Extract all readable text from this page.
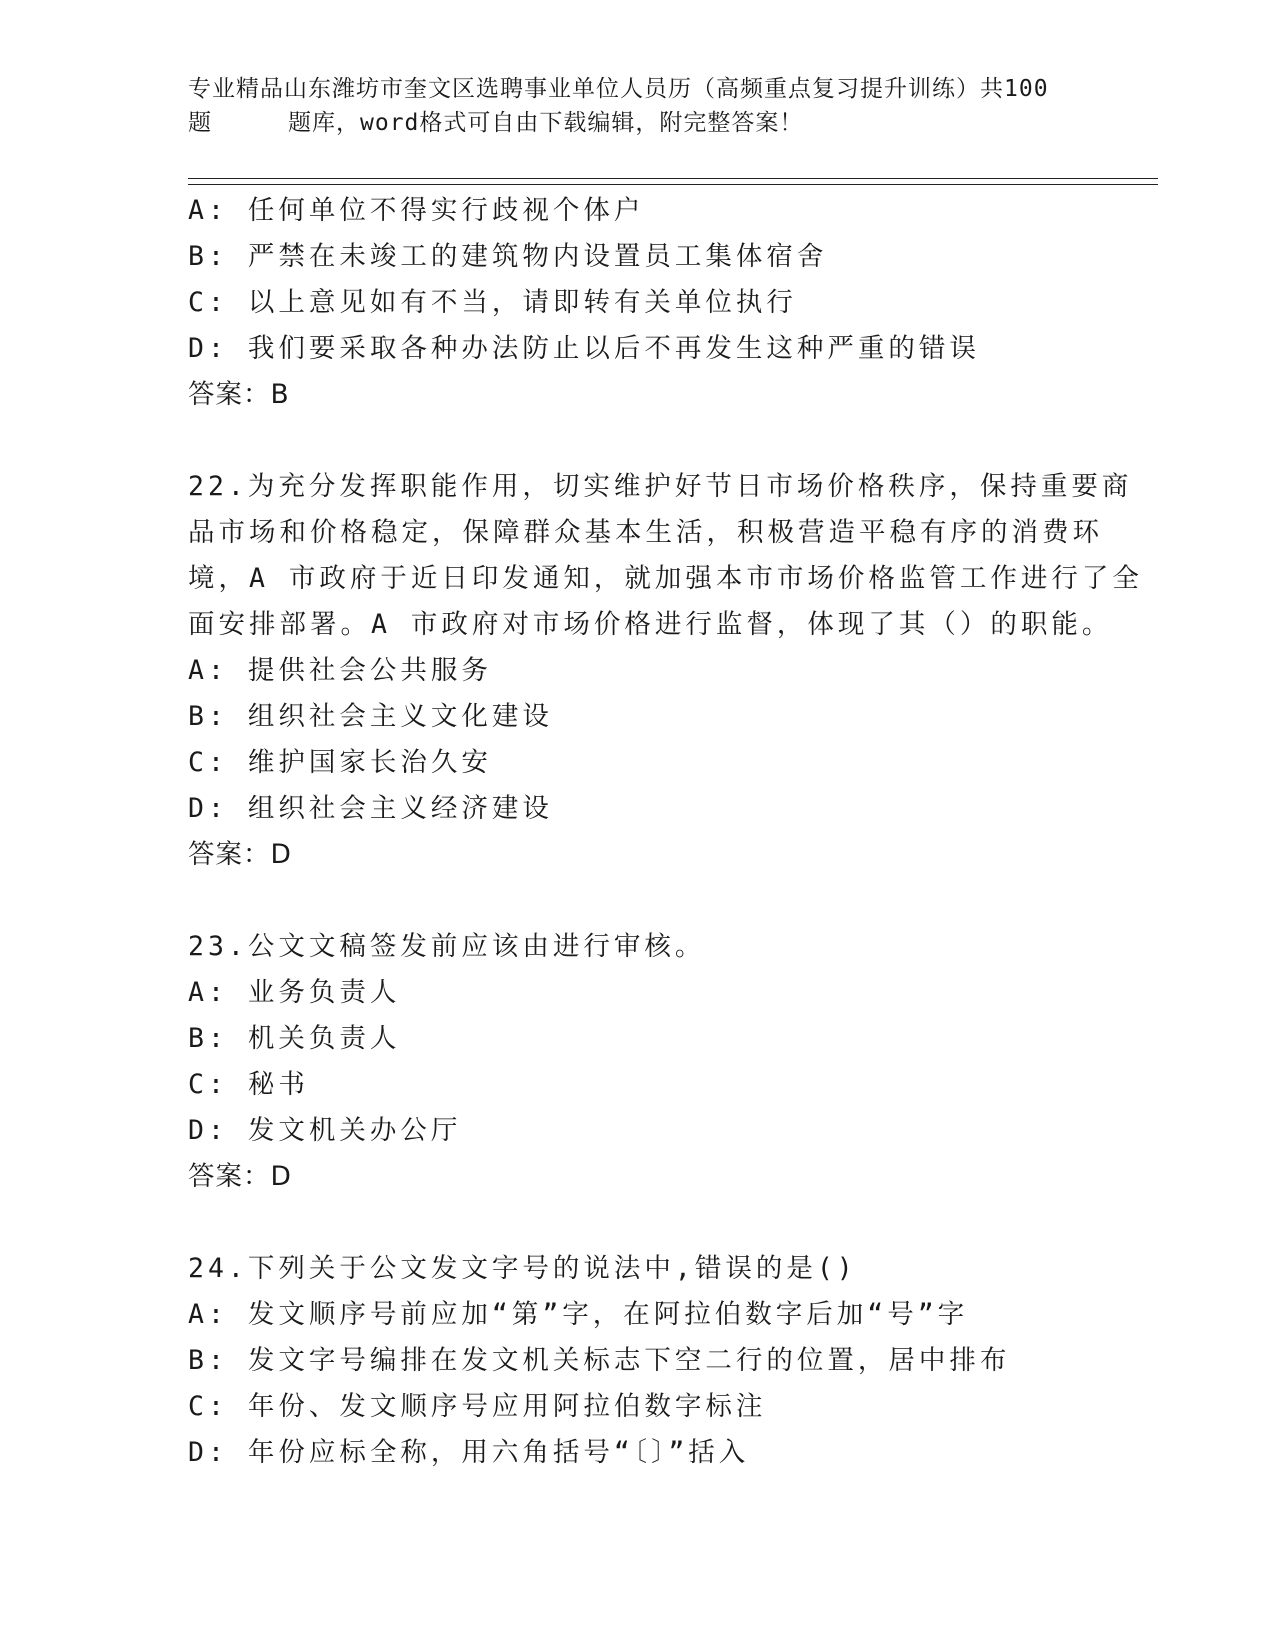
专业精品山东潍坊市奎文区选聘事业单位人员历（高频重点复习提升训练）共100
题	题库，word格式可自由下载编辑，附完整答案！
A: 任何单位不得实行歧视个体户
B: 严禁在未竣工的建筑物内设置员工集体宿舍
C: 以上意见如有不当，请即转有关单位执行
D: 我们要采取各种办法防止以后不再发生这种严重的错误
答案：B
22.为充分发挥职能作用，切实维护好节日市场价格秩序，保持重要商
品市场和价格稳定，保障群众基本生活，积极营造平稳有序的消费环
境，A 市政府于近日印发通知，就加强本市市场价格监管工作进行了全
面安排部署。A 市政府对市场价格进行监督，体现了其（）的职能。
A: 提供社会公共服务
B: 组织社会主义文化建设
C: 维护国家长治久安
D: 组织社会主义经济建设
答案：D
23.公文文稿签发前应该由进行审核。
A: 业务负责人
B: 机关负责人
C: 秘书
D: 发文机关办公厅
答案：D
24.下列关于公文发文字号的说法中,错误的是()
A: 发文顺序号前应加“第”字，在阿拉伯数字后加“号”字
B: 发文字号编排在发文机关标志下空二行的位置，居中排布
C: 年份、发文顺序号应用阿拉伯数字标注
D: 年份应标全称，用六角括号“〔〕”括入
